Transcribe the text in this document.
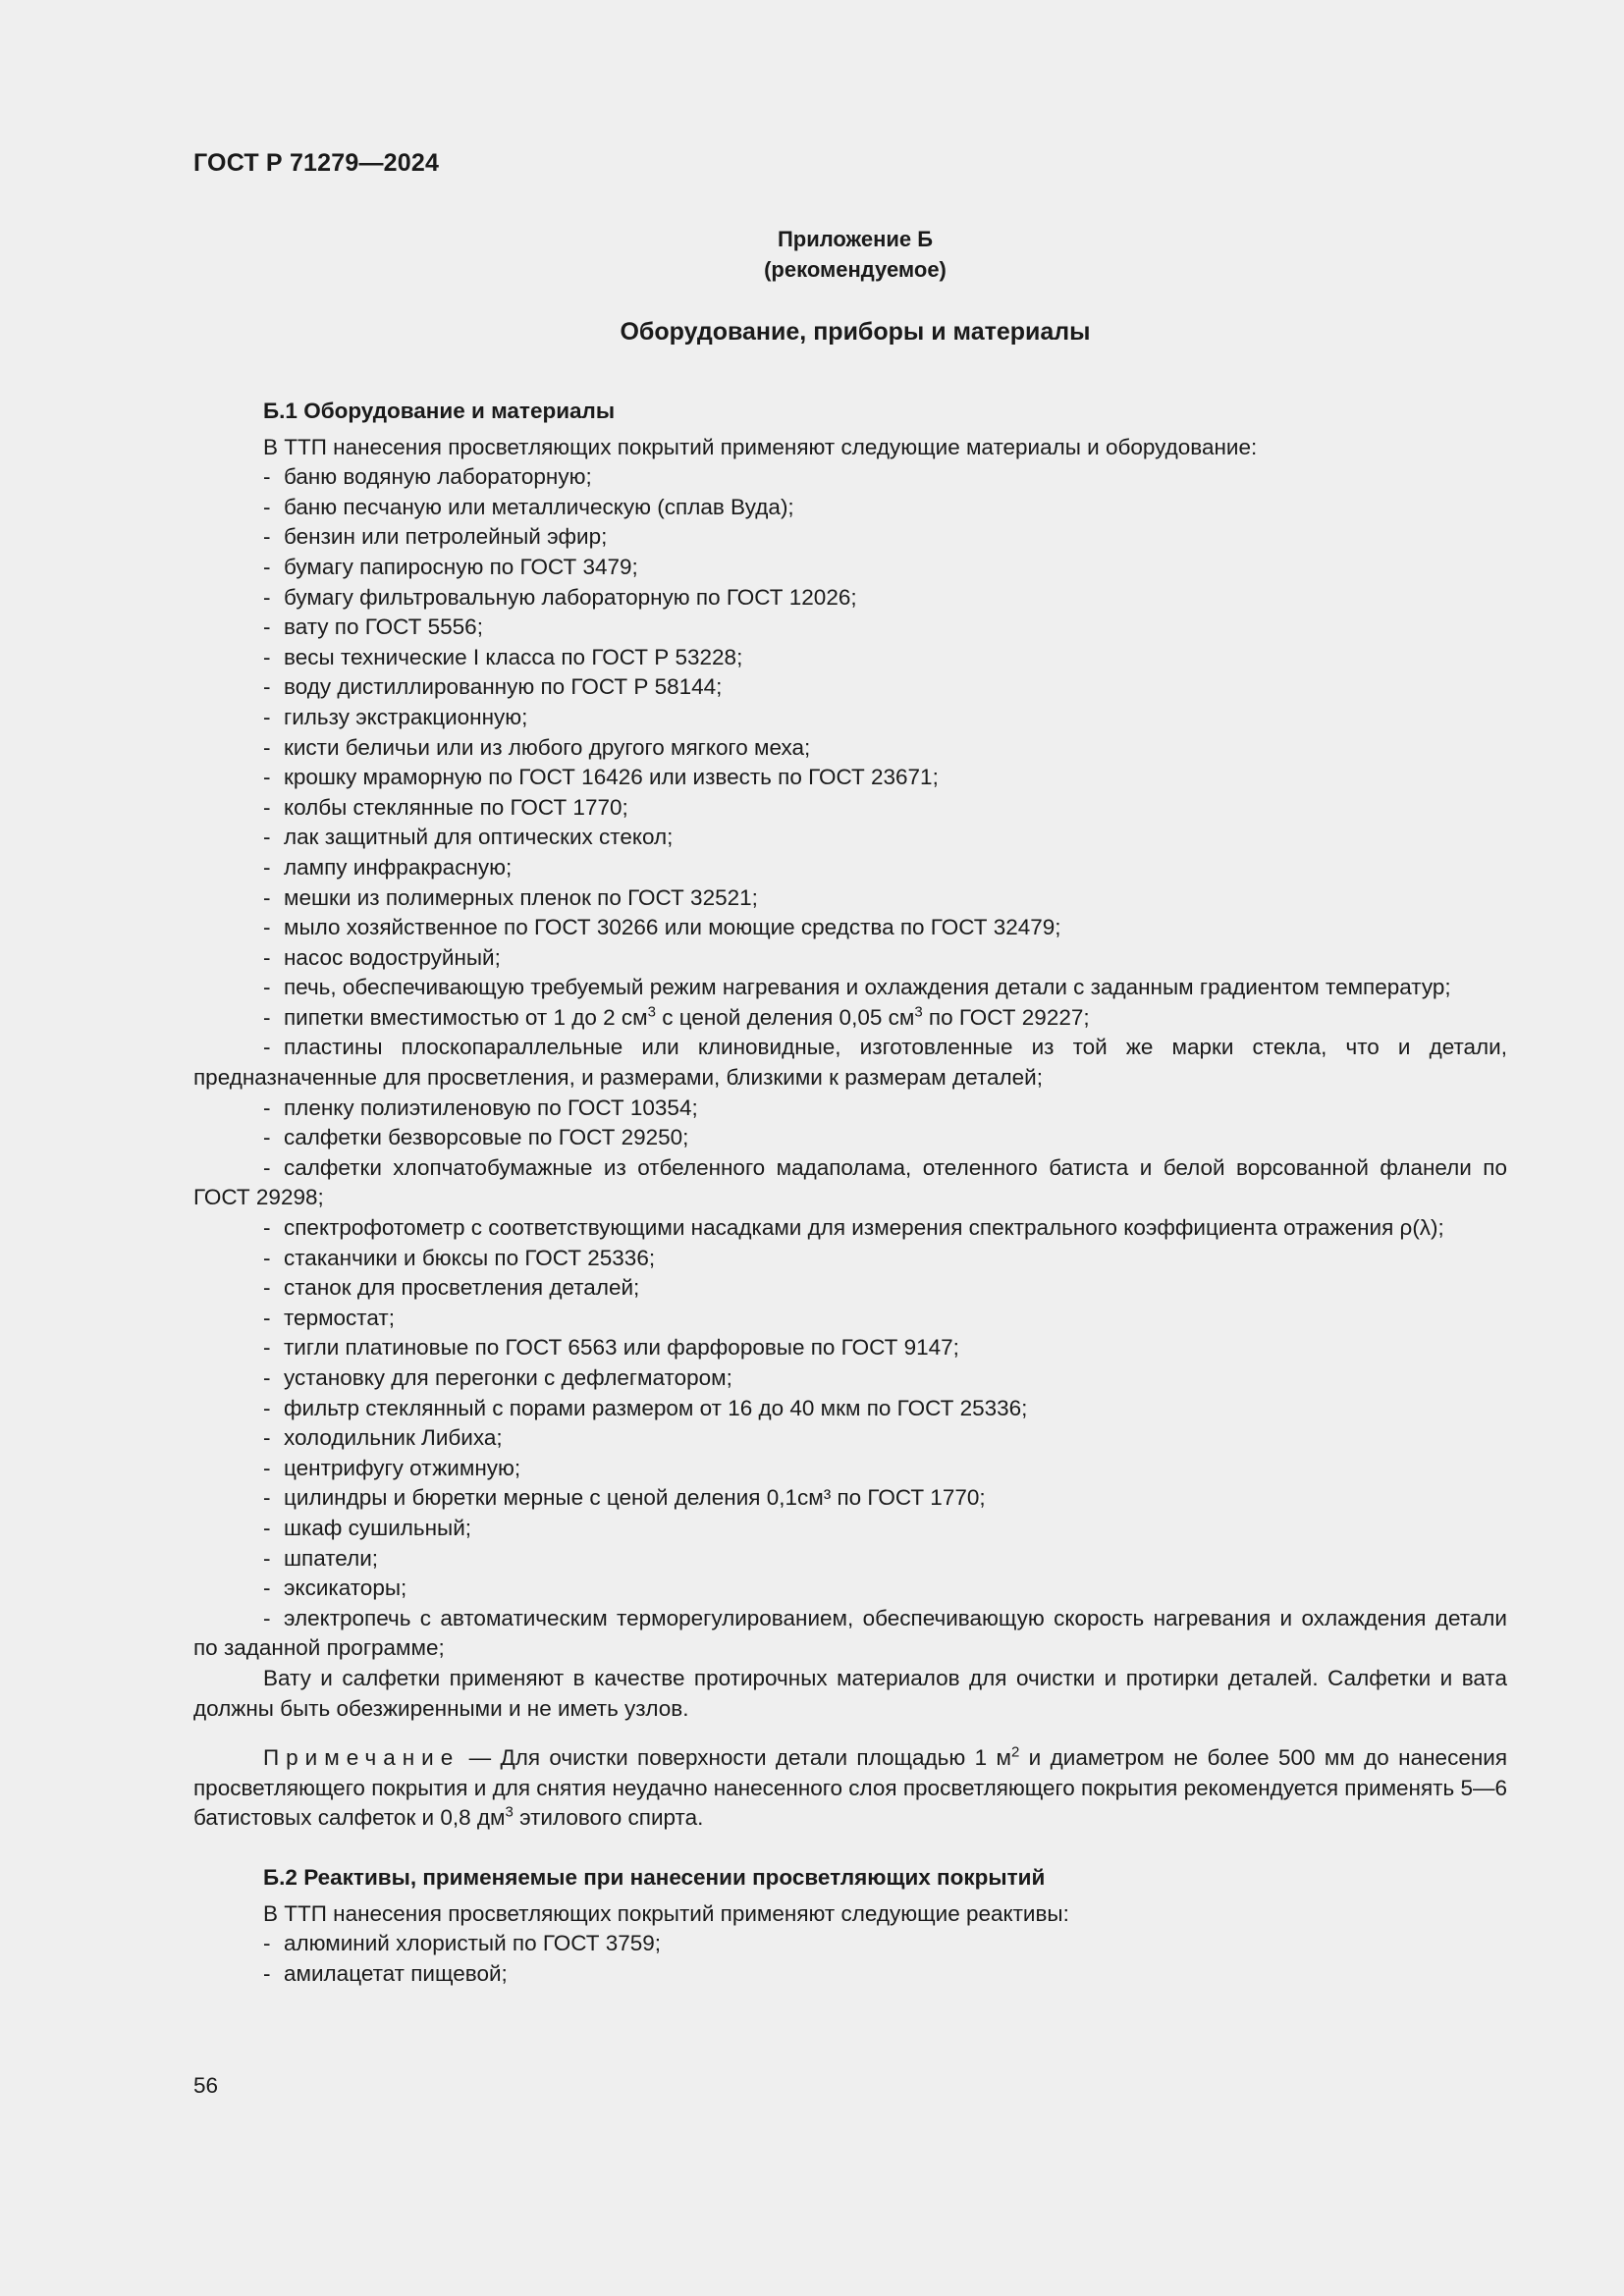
ГОСТ Р 71279—2024
Приложение Б
(рекомендуемое)
Оборудование, приборы и материалы

Б.1 Оборудование и материалы

В ТТП нанесения просветляющих покрытий применяют следующие материалы и оборудование:

- баню водяную лабораторную;

- баню песчаную или металлическую (сплав Вуда);

- бензин или петролейный эфир;

- бумагу папиросную по ГОСТ 3479;

- бумагу фильтровальную лабораторную по ГОСТ 12026;

- вату по ГОСТ 5556;

- весы технические I класса по ГОСТ Р 53228;

- воду дистиллированную по ГОСТ Р 58144;

- гильзу экстракционную;

- кисти беличьи или из любого другого мягкого меха;

- крошку мраморную по ГОСТ 16426 или известь по ГОСТ 23671;

- колбы стеклянные по ГОСТ 1770;

- лак защитный для оптических стекол;

- лампу инфракрасную;

- мешки из полимерных пленок по ГОСТ 32521;

- мыло хозяйственное по ГОСТ 30266 или моющие средства по ГОСТ 32479;

- насос водоструйный;

- печь, обеспечивающую требуемый режим нагревания и охлаждения детали с заданным градиентом температур;

- пипетки вместимостью от 1 до 2 $см^3$ с ценой деления 0,05 $см^3$ по ГОСТ 29227;

- пластины плоскопараллельные или клиновидные, изготовленные из той же марки стекла, что и детали, предназначенные для просветления, и размерами, близкими к размерам деталей;

- пленку полиэтиленовую по ГОСТ 10354;

- салфетки безворсовые по ГОСТ 29250;

- салфетки хлопчатобумажные из отбеленного мадаполама, отеленного батиста и белой ворсованной фланели по ГОСТ 29298;

- спектрофотометр с соответствующими насадками для измерения спектрального коэффициента отражения ρ(λ);

- стаканчики и бюксы по ГОСТ 25336;

- станок для просветления деталей;

- термостат;

- тигли платиновые по ГОСТ 6563 или фарфоровые по ГОСТ 9147;

- установку для перегонки с дефлегматором;

- фильтр стеклянный с порами размером от 16 до 40 мкм по ГОСТ 25336;

- холодильник Либиха;

- центрифугу отжимную;

- цилиндры и бюретки мерные с ценой деления 0,1см³ по ГОСТ 1770;

- шкаф сушильный;

- шпатели;

- эксикаторы;

- электропечь с автоматическим терморегулированием, обеспечивающую скорость нагревания и охлаждения детали по заданной программе;

Вату и салфетки применяют в качестве протирочных материалов для очистки и протирки деталей. Салфетки и вата должны быть обезжиренными и не иметь узлов.

Примечание — Для очистки поверхности детали площадью 1 $м^2$ и диаметром не более 500 мм до нанесения просветляющего покрытия и для снятия неудачно нанесенного слоя просветляющего покрытия рекомендуется применять 5—6 батистовых салфеток и 0,8 $дм^3$ этилового спирта.

Б.2 Реактивы, применяемые при нанесении просветляющих покрытий

В ТТП нанесения просветляющих покрытий применяют следующие реактивы:

- алюминий хлористый по ГОСТ 3759;

- амилацетат пищевой;

56
